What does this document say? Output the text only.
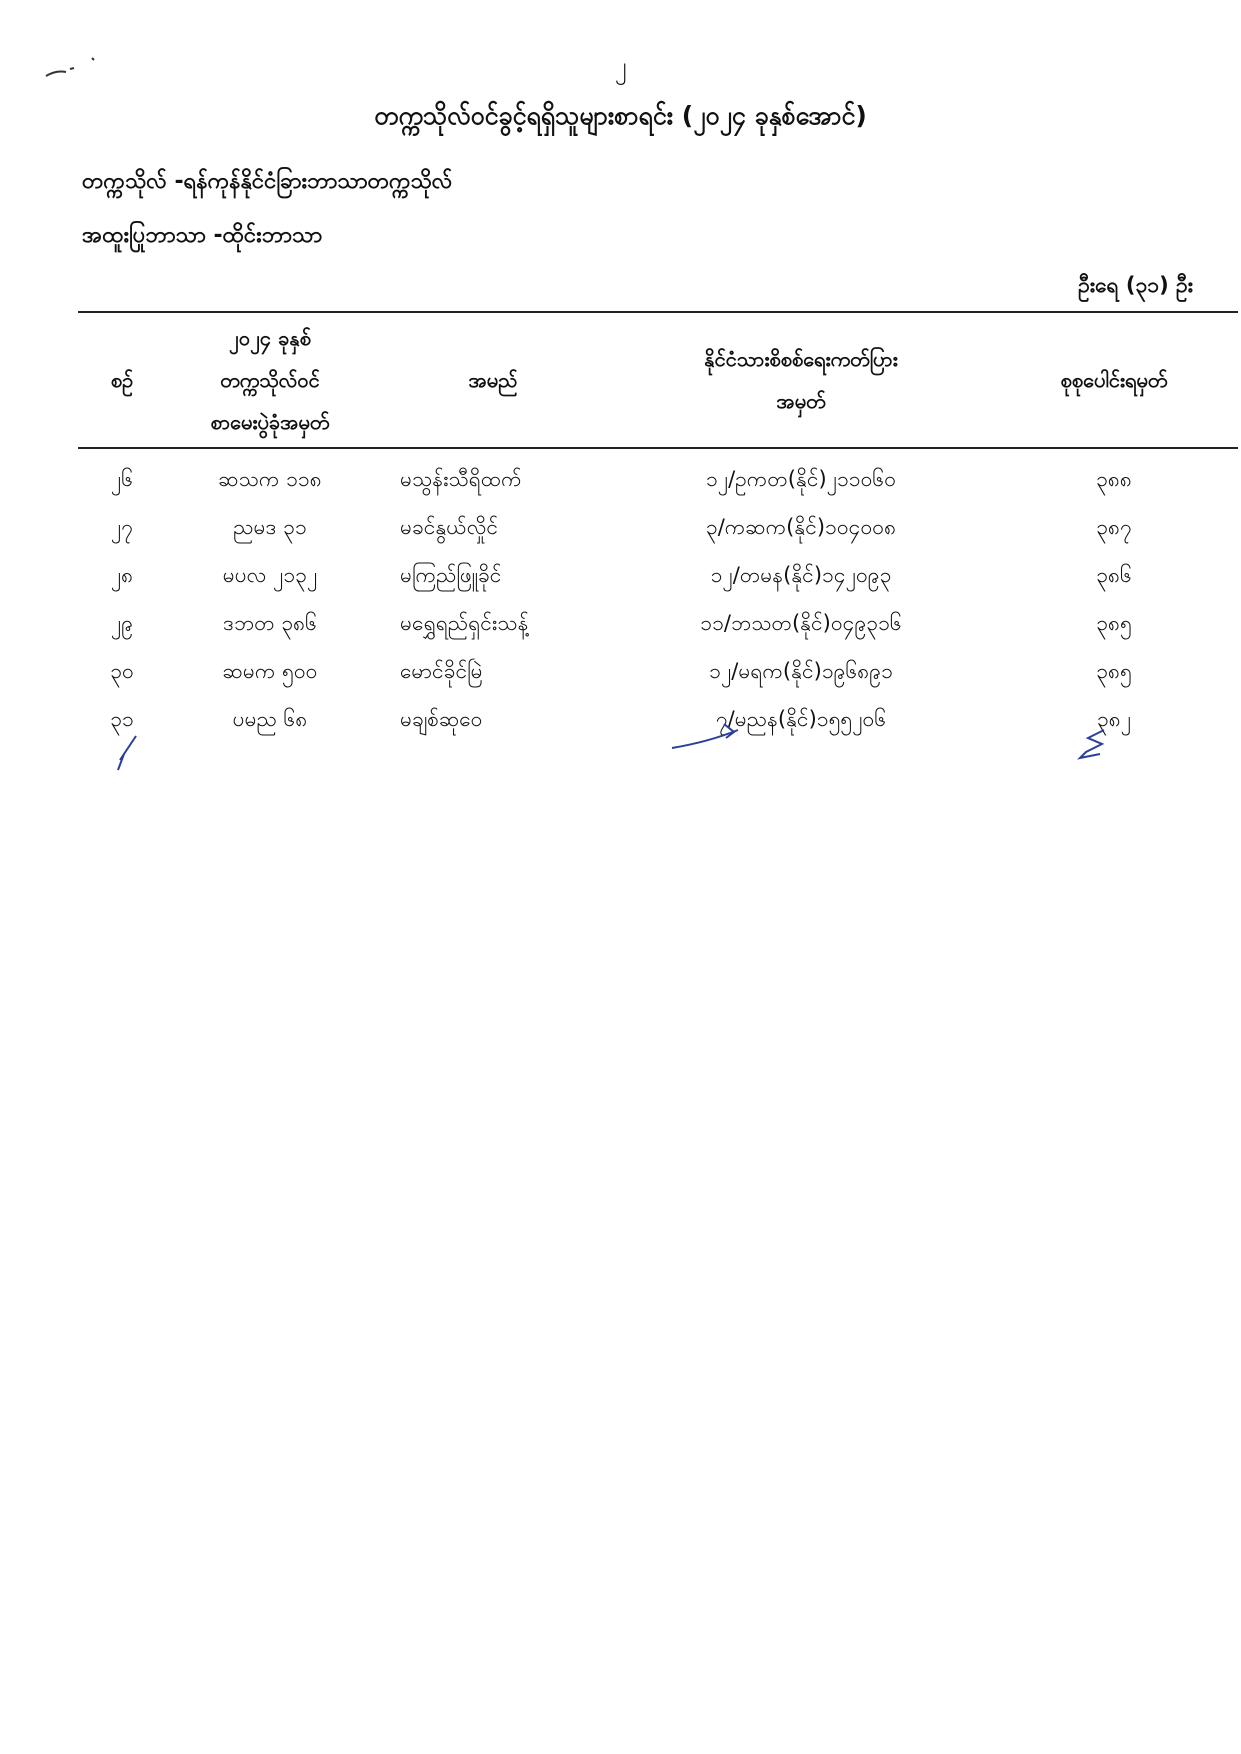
၂
တက္ကသိုလ်ဝင်ခွင့်ရရှိသူများစာရင်း (၂၀၂၄ ခုနှစ်အောင်)
တက္ကသိုလ် -ရန်ကုန်နိုင်ငံခြားဘာသာတက္ကသိုလ်
အထူးပြုဘာသာ -ထိုင်းဘာသာ
ဦးရေ (၃၁) ဦး
စဉ်	၂၀၂၄ ခုနှစ်
တက္ကသိုလ်ဝင်
စာမေးပွဲခုံအမှတ်	အမည်	နိုင်ငံသားစိစစ်ရေးကတ်ပြား
အမှတ်	စုစုပေါင်းရမှတ်
၂၆	ဆသက ၁၁၈	မသွန်းသီရိထက်	၁၂/ဥကတ(နိုင်)၂၁၁၀၆၀	၃၈၈
၂၇	ညမဒ ၃၁	မခင်နွယ်လှိုင်	၃/ကဆက(နိုင်)၁၀၄၀၀၈	၃၈၇
၂၈	မပလ ၂၁၃၂	မကြည်ဖြူခိုင်	၁၂/တမန(နိုင်)၁၄၂၀၉၃	၃၈၆
၂၉	ဒဘတ ၃၈၆	မရွှေရည်ရှင်းသန့်	၁၁/ဘသတ(နိုင်)၀၄၉၃၁၆	၃၈၅
၃၀	ဆမက ၅၀၀	မောင်ခိုင်မြဲ	၁၂/မရက(နိုင်)၁၉၆၈၉၁	၃၈၅
၃၁	ပမည ၆၈	မချစ်ဆုဝေ	၇/မညန(နိုင်)၁၅၅၂၀၆	၃၈၂
